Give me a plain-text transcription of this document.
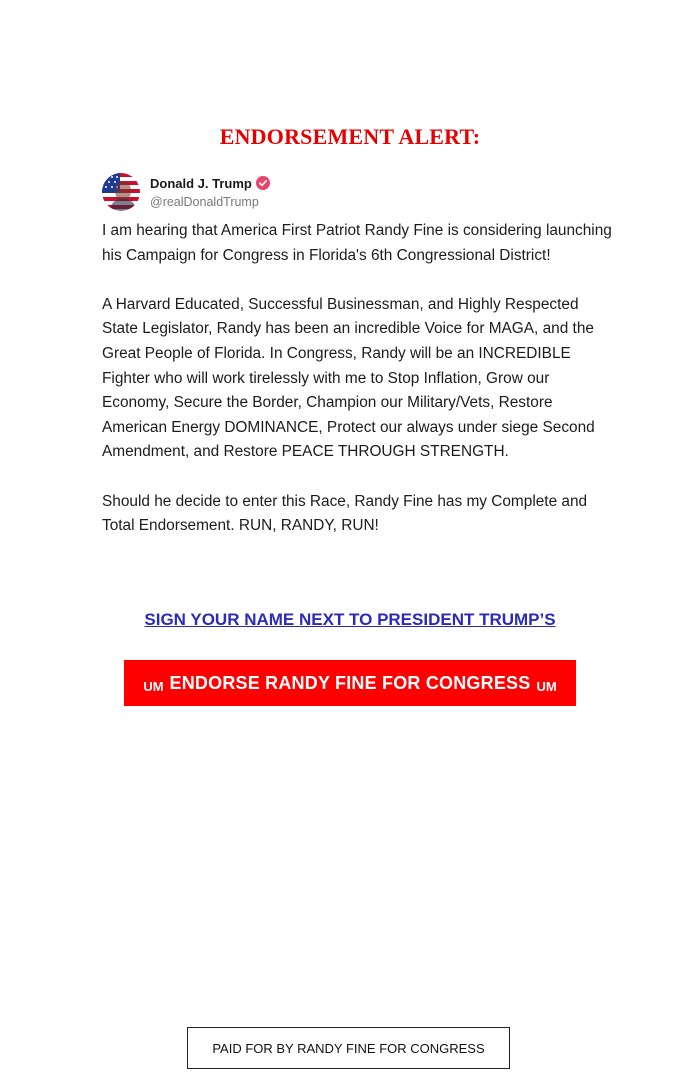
ENDORSEMENT ALERT:
Donald J. Trump
@realDonaldTrump

I am hearing that America First Patriot Randy Fine is considering launching his Campaign for Congress in Florida's 6th Congressional District!

A Harvard Educated, Successful Businessman, and Highly Respected State Legislator, Randy has been an incredible Voice for MAGA, and the Great People of Florida. In Congress, Randy will be an INCREDIBLE Fighter who will work tirelessly with me to Stop Inflation, Grow our Economy, Secure the Border, Champion our Military/Vets, Restore American Energy DOMINANCE, Protect our always under siege Second Amendment, and Restore PEACE THROUGH STRENGTH.

Should he decide to enter this Race, Randy Fine has my Complete and Total Endorsement. RUN, RANDY, RUN!

SIGN YOUR NAME NEXT TO PRESIDENT TRUMP’S
UM ENDORSE RANDY FINE FOR CONGRESS UM
PAID FOR BY RANDY FINE FOR CONGRESS
